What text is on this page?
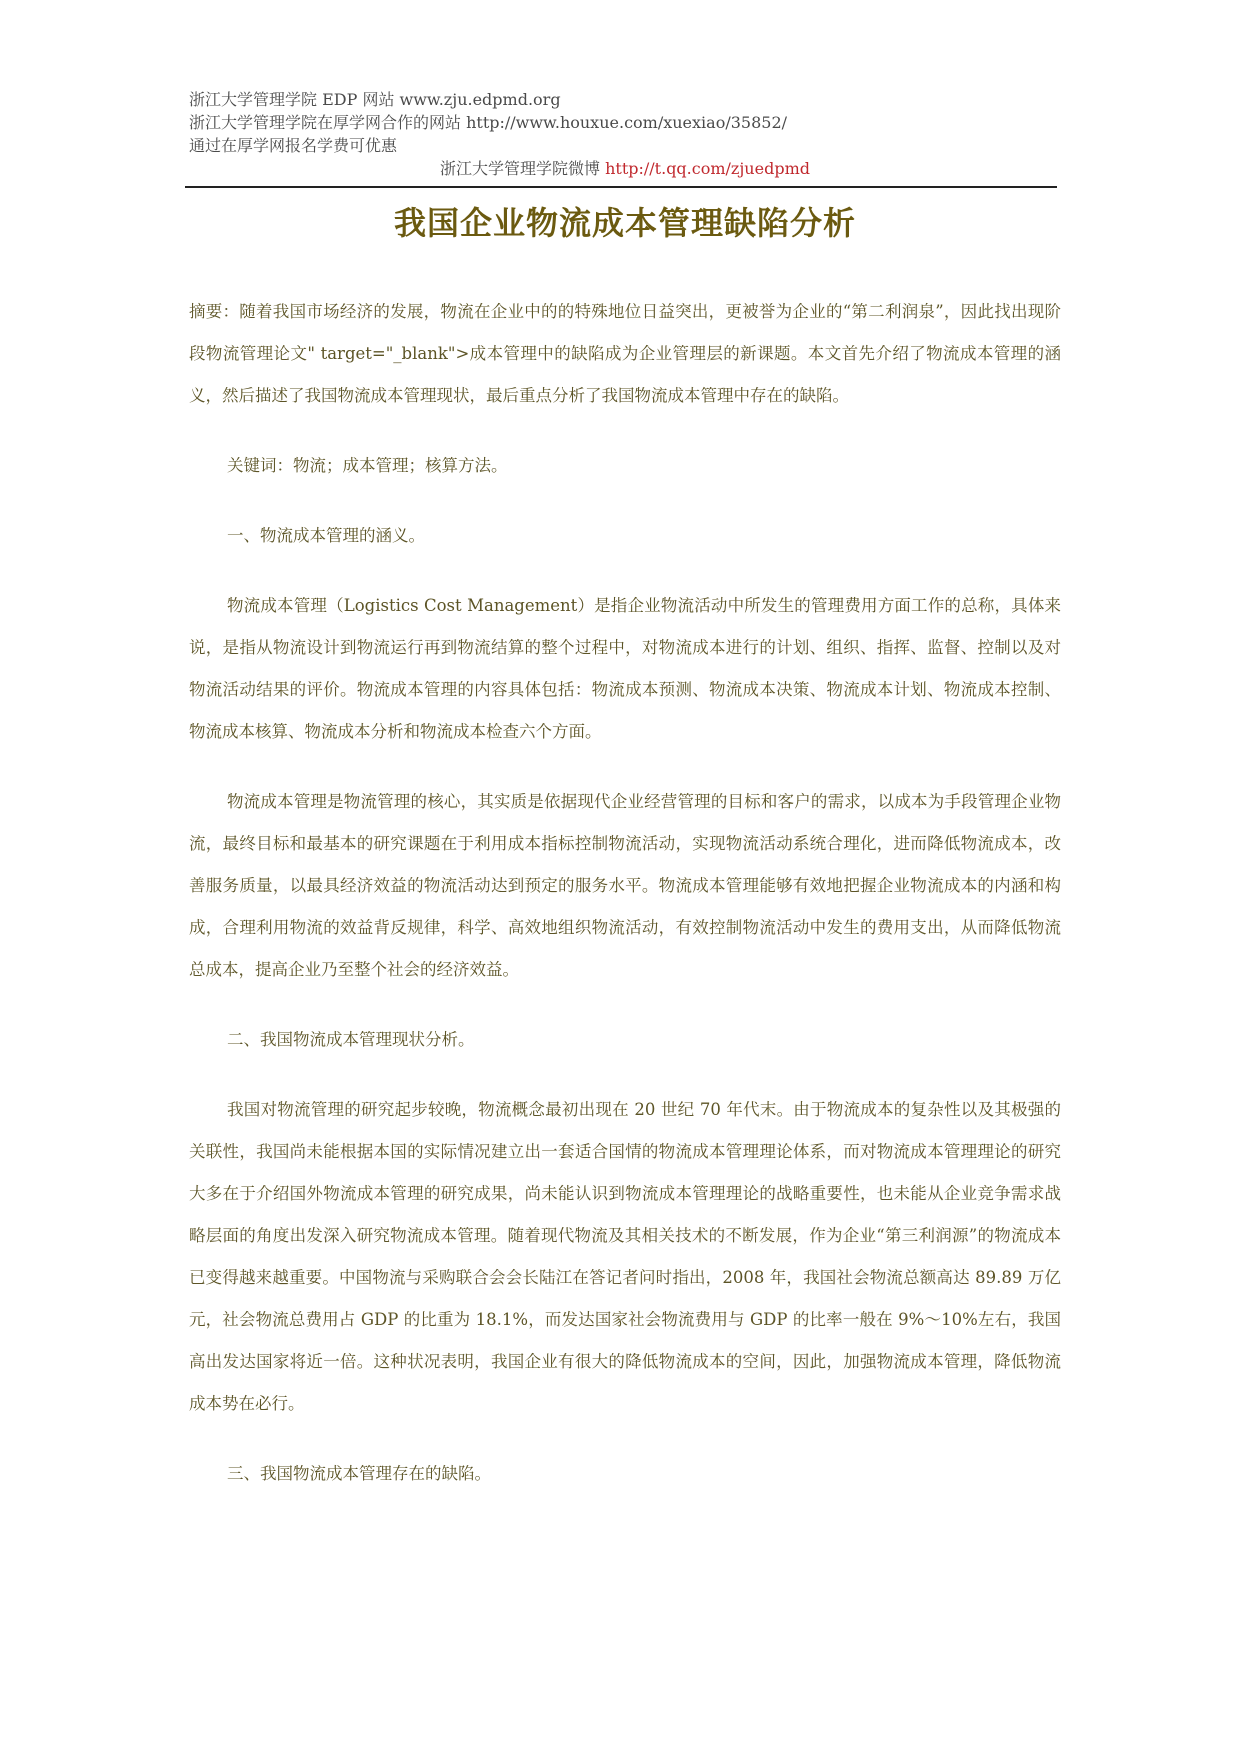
浙江大学管理学院 EDP 网站 www.zju.edpmd.org
浙江大学管理学院在厚学网合作的网站 http://www.houxue.com/xuexiao/35852/
通过在厚学网报名学费可优惠
浙江大学管理学院微博 http://t.qq.com/zjuedpmd
我国企业物流成本管理缺陷分析

摘要：随着我国市场经济的发展，物流在企业中的的特殊地位日益突出，更被誉为企业的“第二利润泉”，因此找出现阶段物流管理论文" target="_blank">成本管理中的缺陷成为企业管理层的新课题。本文首先介绍了物流成本管理的涵义，然后描述了我国物流成本管理现状，最后重点分析了我国物流成本管理中存在的缺陷。

关键词：物流；成本管理；核算方法。

一、物流成本管理的涵义。

物流成本管理（Logistics Cost Management）是指企业物流活动中所发生的管理费用方面工作的总称，具体来说，是指从物流设计到物流运行再到物流结算的整个过程中，对物流成本进行的计划、组织、指挥、监督、控制以及对物流活动结果的评价。物流成本管理的内容具体包括：物流成本预测、物流成本决策、物流成本计划、物流成本控制、物流成本核算、物流成本分析和物流成本检查六个方面。

物流成本管理是物流管理的核心，其实质是依据现代企业经营管理的目标和客户的需求，以成本为手段管理企业物流，最终目标和最基本的研究课题在于利用成本指标控制物流活动，实现物流活动系统合理化，进而降低物流成本，改善服务质量，以最具经济效益的物流活动达到预定的服务水平。物流成本管理能够有效地把握企业物流成本的内涵和构成，合理利用物流的效益背反规律，科学、高效地组织物流活动，有效控制物流活动中发生的费用支出，从而降低物流总成本，提高企业乃至整个社会的经济效益。

二、我国物流成本管理现状分析。

我国对物流管理的研究起步较晚，物流概念最初出现在 20 世纪 70 年代末。由于物流成本的复杂性以及其极强的关联性，我国尚未能根据本国的实际情况建立出一套适合国情的物流成本管理理论体系，而对物流成本管理理论的研究大多在于介绍国外物流成本管理的研究成果，尚未能认识到物流成本管理理论的战略重要性，也未能从企业竞争需求战略层面的角度出发深入研究物流成本管理。随着现代物流及其相关技术的不断发展，作为企业“第三利润源”的物流成本已变得越来越重要。中国物流与采购联合会会长陆江在答记者问时指出，2008 年，我国社会物流总额高达 89.89 万亿元，社会物流总费用占 GDP 的比重为 18.1%，而发达国家社会物流费用与 GDP 的比率一般在 9%～10%左右，我国高出发达国家将近一倍。这种状况表明，我国企业有很大的降低物流成本的空间，因此，加强物流成本管理，降低物流成本势在必行。

三、我国物流成本管理存在的缺陷。
